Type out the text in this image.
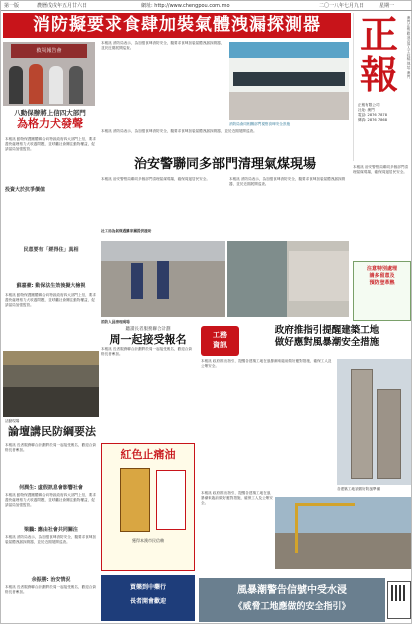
第一版	農曆戊戌年五月廿六日	網址: http://www.chengpou.com.mo	二〇一八年七月九日	星期一
消防擬要求食肆加裝氣體洩漏探測器	正報	澳門正報 歡迎各界人士投稿 地址: 澳門
正報有限公司
社址: 澳門
電話: 2876 7878
傳真: 2876 7868
救災報告會
八動保辦將上信四大部門
為格力犬發聲
本報訊 動物保護團體聯合向特區政府四大部門上信，要求盡快處理格力犬收養問題，並呼籲社會關注動物權益，促請當局加強監管。
投資大於抗爭價值
民意要有「經得住」真相
蘇嘉豪: 動保法生效後擬大檢視
本報訊 動物保護團體聯合向特區政府四大部門上信，要求盡快處理格力犬收養問題，並呼籲社會關注動物權益，促請當局加強監管。
活動現場
論壇講民防綱要法
本報訊 長者服務聯合計劃將於周一起接受報名，歡迎合資格長者參加。
何潤生: 虛假訊息會影響社會
本報訊 動物保護團體聯合向特區政府四大部門上信，要求盡快處理格力犬收養問題，並呼籲社會關注動物權益，促請當局加強監管。
梁鵬: 應由社會共同關注
本報訊 消防局表示，為加強食肆消防安全，擬要求食肆加裝氣體洩漏探測器，並於近期展開巡查。
余振勝: 治安情況
本報訊 長者服務聯合計劃將於周一起接受報名，歡迎合資格長者參加。
本報訊 消防局表示，為加強食肆消防安全，擬要求食肆加裝氣體洩漏探測器，並於近期展開巡查。
消防局會同相關部門視察食肆安全設施
本報訊 消防局表示，為加強食肆消防安全，擬要求食肆加裝氣體洩漏探測器，並於近期展開巡查。
治安警聯同多部門清理氣煤現場
本報訊 治安警察局聯同多個部門清理氣煤現場，確保周邊居民安全。	本報訊 消防局表示，為加強食肆消防安全，擬要求食肆加裝氣體洩漏探測器，並於近期展開巡查。
社工局為氣煤遇難家屬提供援助
消防人員清理現場
注意特別處理
請多留意及
預防登革熱
本報訊 治安警察局聯同多個部門清理氣煤現場，確保周邊居民安全。
聽讀長者服務聯合計劃
周一起接受報名
本報訊 長者服務聯合計劃將於周一起接受報名，歡迎合資格長者參加。
紅色止痛油
獲得本澳市民信賴
買樂到中藥行
長者開會歡迎
工務
資訊
政府推指引提醒建築工地
做好應對風暴潮安全措施
本報訊 政府推出指引，提醒各建築工地在風暴潮來臨前做好應對措施，確保工人及公眾安全。
各建築工地須做好防風準備
本報訊 政府推出指引，提醒各建築工地在風暴潮來臨前做好應對措施，確保工人及公眾安全。
風暴潮警告信號中受水浸
《威脅工地應做的安全指引》
